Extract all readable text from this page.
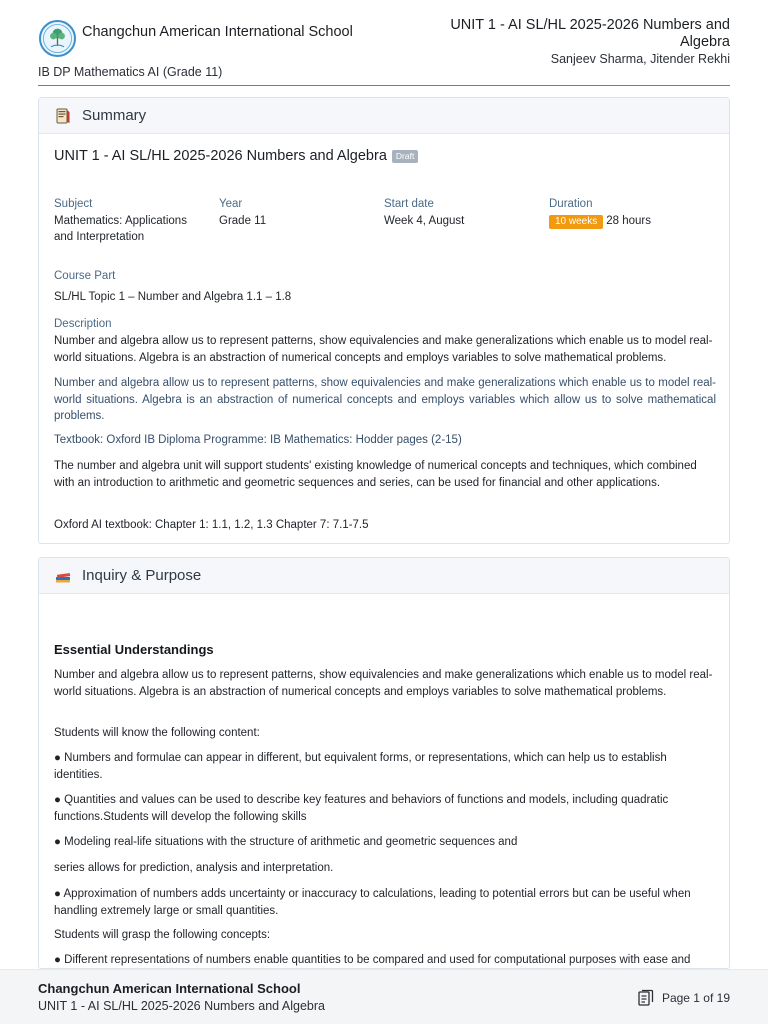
Changchun American International School
IB DP Mathematics AI (Grade 11)
UNIT 1 - AI SL/HL 2025-2026 Numbers and Algebra
Sanjeev Sharma, Jitender Rekhi
Summary
UNIT 1 - AI SL/HL 2025-2026 Numbers and Algebra	Draft
Subject
Mathematics: Applications and Interpretation
Year
Grade 11
Start date
Week 4, August
Duration
10 weeks 28 hours
Course Part
SL/HL Topic 1 – Number and Algebra 1.1 – 1.8
Description
Number and algebra allow us to represent patterns, show equivalencies and make generalizations which enable us to model real-world situations. Algebra is an abstraction of numerical concepts and employs variables to solve mathematical problems.
Number and algebra allow us to represent patterns, show equivalencies and make generalizations which enable us to model real-world situations. Algebra is an abstraction of numerical concepts and employs variables which allow us to solve mathematical problems.
Textbook: Oxford IB Diploma Programme: IB Mathematics: Hodder pages (2-15)
The number and algebra unit will support students' existing knowledge of numerical concepts and techniques, which combined with an introduction to arithmetic and geometric sequences and series, can be used for financial and other applications.
Oxford AI textbook: Chapter 1: 1.1, 1.2, 1.3 Chapter 7: 7.1-7.5
Inquiry & Purpose
Essential Understandings
Number and algebra allow us to represent patterns, show equivalencies and make generalizations which enable us to model real-world situations. Algebra is an abstraction of numerical concepts and employs variables to solve mathematical problems.
Students will know the following content:
● Numbers and formulae can appear in different, but equivalent forms, or representations, which can help us to establish identities.
● Quantities and values can be used to describe key features and behaviors of functions and models, including quadratic functions.Students will develop the following skills
● Modeling real-life situations with the structure of arithmetic and geometric sequences and
series allows for prediction, analysis and interpretation.
● Approximation of numbers adds uncertainty or inaccuracy to calculations, leading to potential errors but can be useful when handling extremely large or small quantities.
Students will grasp the following concepts:
● Different representations of numbers enable quantities to be compared and used for computational purposes with ease and
Changchun American International School
UNIT 1 - AI SL/HL 2025-2026 Numbers and Algebra
Page 1 of 19
